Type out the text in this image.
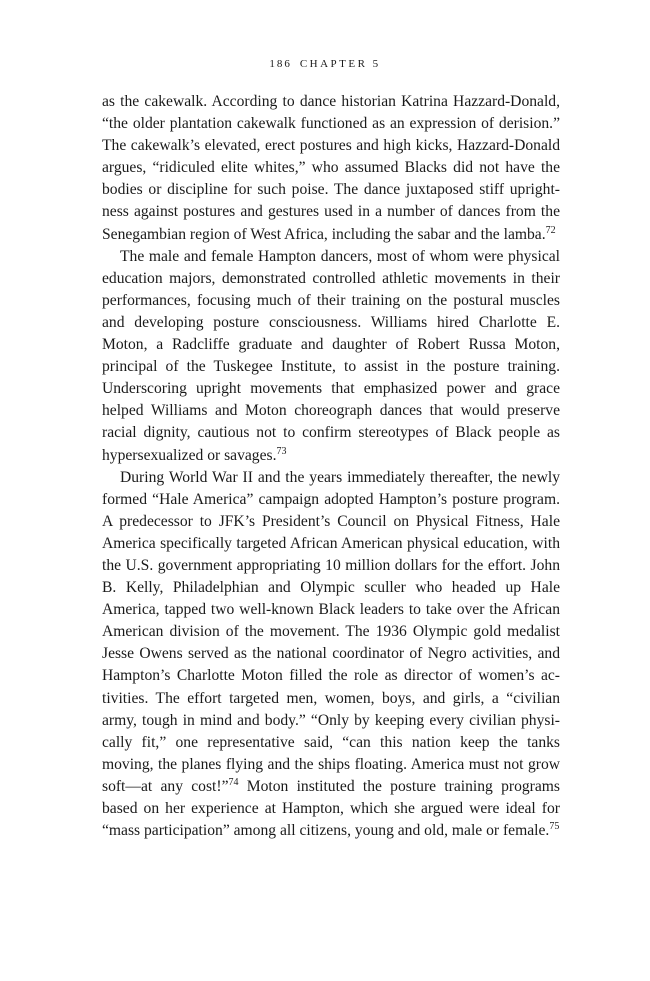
186 CHAPTER 5

as the cakewalk. According to dance historian Katrina Hazzard-Donald, “the older plantation cakewalk functioned as an expression of derision.” The cakewalk’s elevated, erect postures and high kicks, Hazzard-Donald argues, “ridiculed elite whites,” who assumed Blacks did not have the bodies or discipline for such poise. The dance juxtaposed stiff uprightness against postures and gestures used in a number of dances from the Senegambian region of West Africa, including the sabar and the lamba.$^{72}$

The male and female Hampton dancers, most of whom were physical education majors, demonstrated controlled athletic movements in their performances, focusing much of their training on the postural muscles and developing posture consciousness. Williams hired Charlotte E. Moton, a Radcliffe graduate and daughter of Robert Russa Moton, principal of the Tuskegee Institute, to assist in the posture training. Underscoring upright movements that emphasized power and grace helped Williams and Moton choreograph dances that would preserve racial dignity, cautious not to confirm stereotypes of Black people as hypersexualized or savages.$^{73}$

During World War II and the years immediately thereafter, the newly formed “Hale America” campaign adopted Hampton’s posture program. A predecessor to JFK’s President’s Council on Physical Fitness, Hale America specifically targeted African American physical education, with the U.S. government appropriating 10 million dollars for the effort. John B. Kelly, Philadelphian and Olympic sculler who headed up Hale America, tapped two well-known Black leaders to take over the African American division of the movement. The 1936 Olympic gold medalist Jesse Owens served as the national coordinator of Negro activities, and Hampton’s Charlotte Moton filled the role as director of women’s activities. The effort targeted men, women, boys, and girls, a “civilian army, tough in mind and body.” “Only by keeping every civilian physically fit,” one representative said, “can this nation keep the tanks moving, the planes flying and the ships floating. America must not grow soft—at any cost!”$^{74}$ Moton instituted the posture training programs based on her experience at Hampton, which she argued were ideal for “mass participation” among all citizens, young and old, male or female.$^{75}$
